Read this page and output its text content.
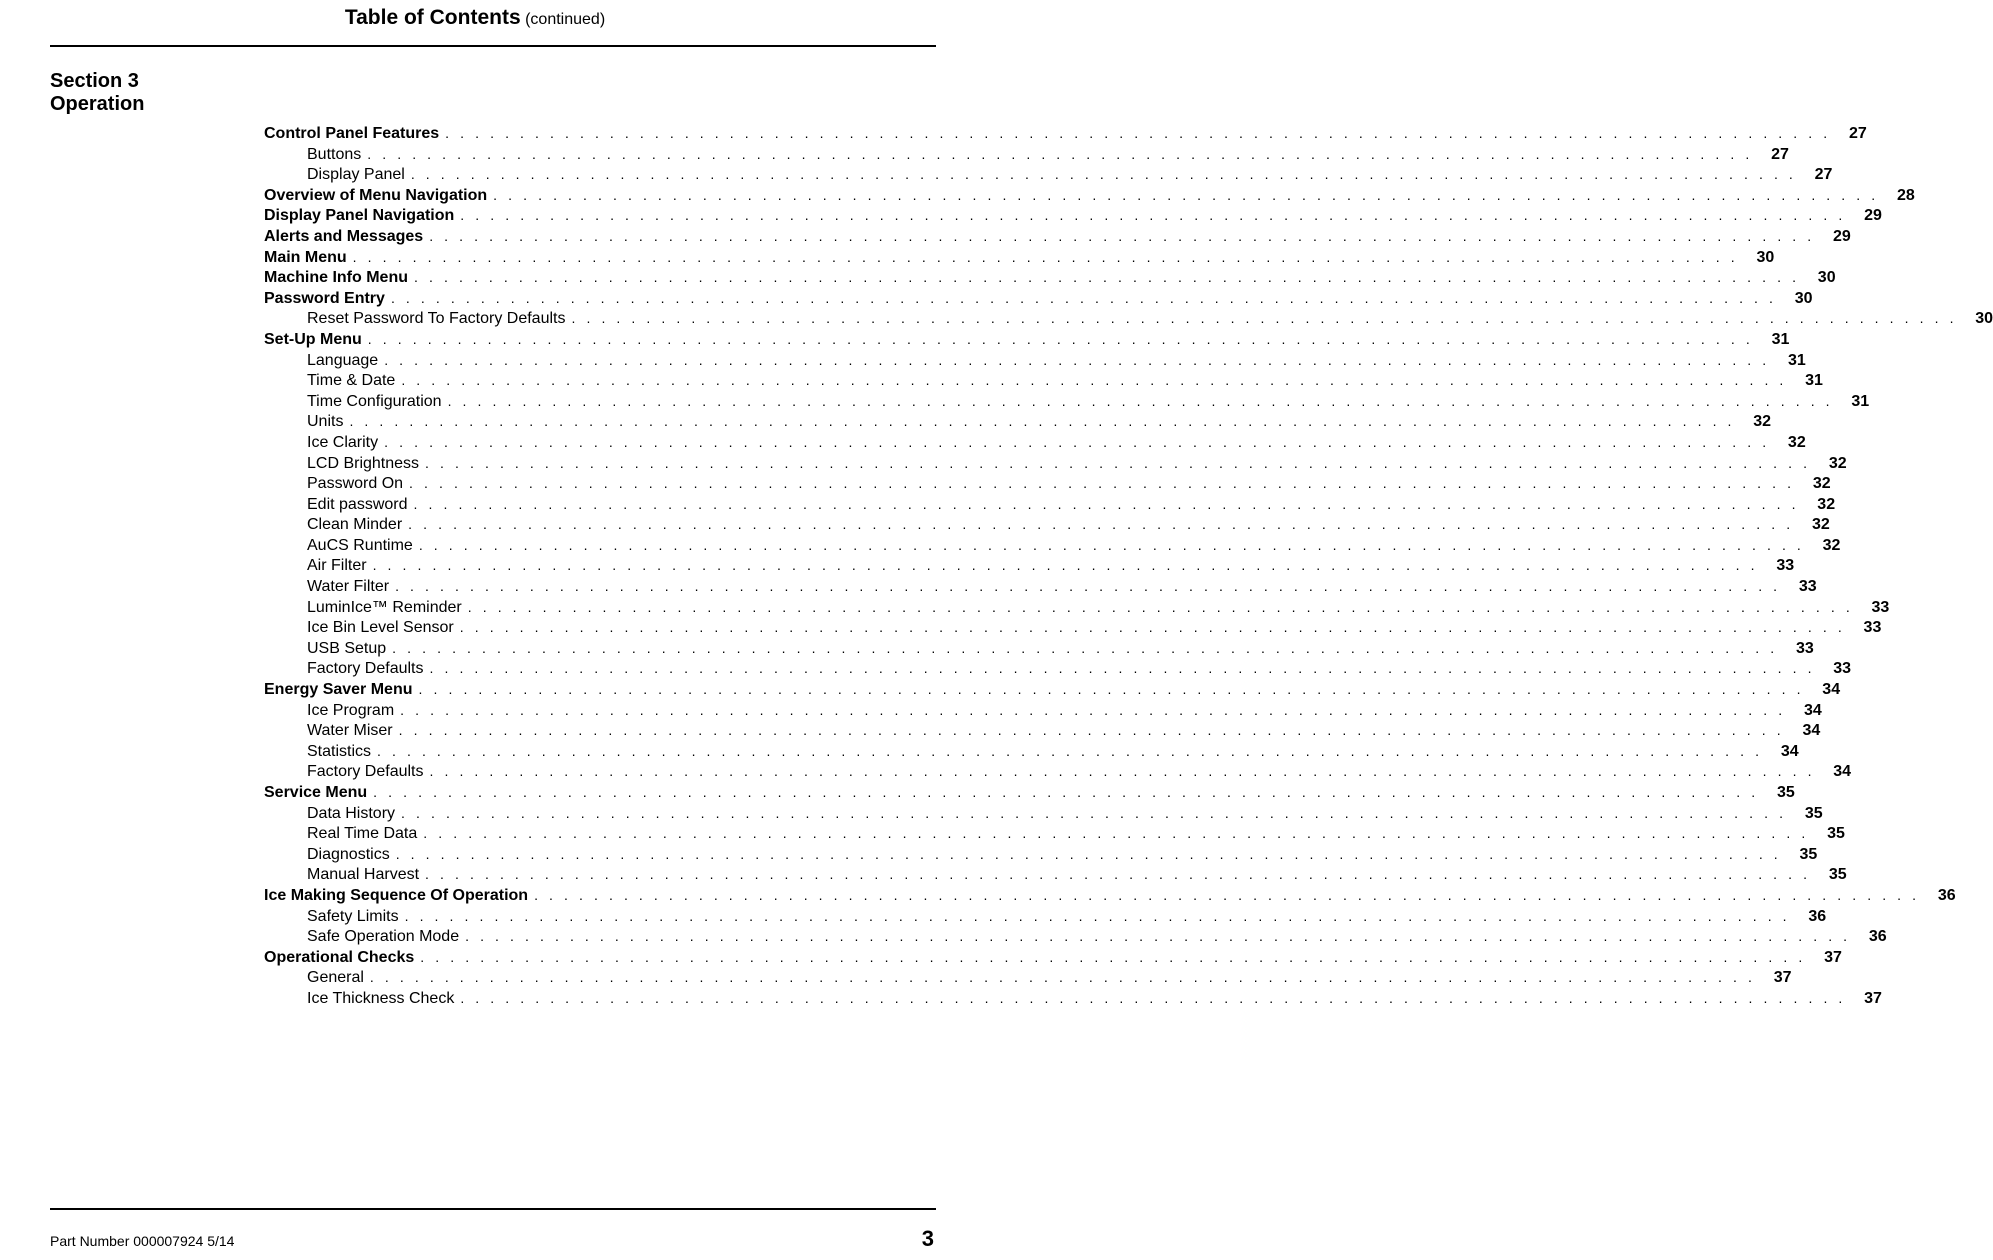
Table of Contents (continued)
Section 3
Operation
Control Panel Features . . . . . . . . . . . . . . . . . . . . . . . . . . . . . . . . . . . . . . . . . . . . . . . . . . . . . . . . . . . . . . . . . . . . . . . . . . . . . . . . . . . . . . . . . . . . .	27
Buttons . . . . . . . . . . . . . . . . . . . . . . . . . . . . . . . . . . . . . . . . . . . . . . . . . . . . . . . . . . . . . . . . . . . . . . . . . . . . . . . . . . . . . . . . . . . . .	27
Display Panel . . . . . . . . . . . . . . . . . . . . . . . . . . . . . . . . . . . . . . . . . . . . . . . . . . . . . . . . . . . . . . . . . . . . . . . . . . . . . . . . . . . . . . . . . . . . .	27
Overview of Menu Navigation . . . . . . . . . . . . . . . . . . . . . . . . . . . . . . . . . . . . . . . . . . . . . . . . . . . . . . . . . . . . . . . . . . . . . . . . . . . . . . . . . . . . . . . . . . . . .	28
Display Panel Navigation . . . . . . . . . . . . . . . . . . . . . . . . . . . . . . . . . . . . . . . . . . . . . . . . . . . . . . . . . . . . . . . . . . . . . . . . . . . . . . . . . . . . . . . . . . . . .	29
Alerts and Messages . . . . . . . . . . . . . . . . . . . . . . . . . . . . . . . . . . . . . . . . . . . . . . . . . . . . . . . . . . . . . . . . . . . . . . . . . . . . . . . . . . . . . . . . . . . . .	29
Main Menu . . . . . . . . . . . . . . . . . . . . . . . . . . . . . . . . . . . . . . . . . . . . . . . . . . . . . . . . . . . . . . . . . . . . . . . . . . . . . . . . . . . . . . . . . . . . .	30
Machine Info Menu . . . . . . . . . . . . . . . . . . . . . . . . . . . . . . . . . . . . . . . . . . . . . . . . . . . . . . . . . . . . . . . . . . . . . . . . . . . . . . . . . . . . . . . . . . . . .	30
Password Entry . . . . . . . . . . . . . . . . . . . . . . . . . . . . . . . . . . . . . . . . . . . . . . . . . . . . . . . . . . . . . . . . . . . . . . . . . . . . . . . . . . . . . . . . . . . . .	30
Reset Password To Factory Defaults . . . . . . . . . . . . . . . . . . . . . . . . . . . . . . . . . . . . . . . . . . . . . . . . . . . . . . . . . . . . . . . . . . . . . . . . . . . . . . . . . . . . . . . . . . . . .	30
Set-Up Menu . . . . . . . . . . . . . . . . . . . . . . . . . . . . . . . . . . . . . . . . . . . . . . . . . . . . . . . . . . . . . . . . . . . . . . . . . . . . . . . . . . . . . . . . . . . . .	31
Language . . . . . . . . . . . . . . . . . . . . . . . . . . . . . . . . . . . . . . . . . . . . . . . . . . . . . . . . . . . . . . . . . . . . . . . . . . . . . . . . . . . . . . . . . . . . .	31
Time & Date . . . . . . . . . . . . . . . . . . . . . . . . . . . . . . . . . . . . . . . . . . . . . . . . . . . . . . . . . . . . . . . . . . . . . . . . . . . . . . . . . . . . . . . . . . . . .	31
Time Configuration . . . . . . . . . . . . . . . . . . . . . . . . . . . . . . . . . . . . . . . . . . . . . . . . . . . . . . . . . . . . . . . . . . . . . . . . . . . . . . . . . . . . . . . . . . . . .	31
Units . . . . . . . . . . . . . . . . . . . . . . . . . . . . . . . . . . . . . . . . . . . . . . . . . . . . . . . . . . . . . . . . . . . . . . . . . . . . . . . . . . . . . . . . . . . . .	32
Ice Clarity . . . . . . . . . . . . . . . . . . . . . . . . . . . . . . . . . . . . . . . . . . . . . . . . . . . . . . . . . . . . . . . . . . . . . . . . . . . . . . . . . . . . . . . . . . . . .	32
LCD Brightness . . . . . . . . . . . . . . . . . . . . . . . . . . . . . . . . . . . . . . . . . . . . . . . . . . . . . . . . . . . . . . . . . . . . . . . . . . . . . . . . . . . . . . . . . . . . .	32
Password On . . . . . . . . . . . . . . . . . . . . . . . . . . . . . . . . . . . . . . . . . . . . . . . . . . . . . . . . . . . . . . . . . . . . . . . . . . . . . . . . . . . . . . . . . . . . .	32
Edit password . . . . . . . . . . . . . . . . . . . . . . . . . . . . . . . . . . . . . . . . . . . . . . . . . . . . . . . . . . . . . . . . . . . . . . . . . . . . . . . . . . . . . . . . . . . . .	32
Clean Minder . . . . . . . . . . . . . . . . . . . . . . . . . . . . . . . . . . . . . . . . . . . . . . . . . . . . . . . . . . . . . . . . . . . . . . . . . . . . . . . . . . . . . . . . . . . . .	32
AuCS Runtime . . . . . . . . . . . . . . . . . . . . . . . . . . . . . . . . . . . . . . . . . . . . . . . . . . . . . . . . . . . . . . . . . . . . . . . . . . . . . . . . . . . . . . . . . . . . .	32
Air Filter . . . . . . . . . . . . . . . . . . . . . . . . . . . . . . . . . . . . . . . . . . . . . . . . . . . . . . . . . . . . . . . . . . . . . . . . . . . . . . . . . . . . . . . . . . . . .	33
Water Filter . . . . . . . . . . . . . . . . . . . . . . . . . . . . . . . . . . . . . . . . . . . . . . . . . . . . . . . . . . . . . . . . . . . . . . . . . . . . . . . . . . . . . . . . . . . . .	33
LuminIce™ Reminder . . . . . . . . . . . . . . . . . . . . . . . . . . . . . . . . . . . . . . . . . . . . . . . . . . . . . . . . . . . . . . . . . . . . . . . . . . . . . . . . . . . . . . . . . . . . .	33
Ice Bin Level Sensor . . . . . . . . . . . . . . . . . . . . . . . . . . . . . . . . . . . . . . . . . . . . . . . . . . . . . . . . . . . . . . . . . . . . . . . . . . . . . . . . . . . . . . . . . . . . .	33
USB Setup . . . . . . . . . . . . . . . . . . . . . . . . . . . . . . . . . . . . . . . . . . . . . . . . . . . . . . . . . . . . . . . . . . . . . . . . . . . . . . . . . . . . . . . . . . . . .	33
Factory Defaults . . . . . . . . . . . . . . . . . . . . . . . . . . . . . . . . . . . . . . . . . . . . . . . . . . . . . . . . . . . . . . . . . . . . . . . . . . . . . . . . . . . . . . . . . . . . .	33
Energy Saver Menu . . . . . . . . . . . . . . . . . . . . . . . . . . . . . . . . . . . . . . . . . . . . . . . . . . . . . . . . . . . . . . . . . . . . . . . . . . . . . . . . . . . . . . . . . . . . .	34
Ice Program . . . . . . . . . . . . . . . . . . . . . . . . . . . . . . . . . . . . . . . . . . . . . . . . . . . . . . . . . . . . . . . . . . . . . . . . . . . . . . . . . . . . . . . . . . . . .	34
Water Miser . . . . . . . . . . . . . . . . . . . . . . . . . . . . . . . . . . . . . . . . . . . . . . . . . . . . . . . . . . . . . . . . . . . . . . . . . . . . . . . . . . . . . . . . . . . . .	34
Statistics . . . . . . . . . . . . . . . . . . . . . . . . . . . . . . . . . . . . . . . . . . . . . . . . . . . . . . . . . . . . . . . . . . . . . . . . . . . . . . . . . . . . . . . . . . . . .	34
Factory Defaults . . . . . . . . . . . . . . . . . . . . . . . . . . . . . . . . . . . . . . . . . . . . . . . . . . . . . . . . . . . . . . . . . . . . . . . . . . . . . . . . . . . . . . . . . . . . .	34
Service Menu . . . . . . . . . . . . . . . . . . . . . . . . . . . . . . . . . . . . . . . . . . . . . . . . . . . . . . . . . . . . . . . . . . . . . . . . . . . . . . . . . . . . . . . . . . . . .	35
Data History . . . . . . . . . . . . . . . . . . . . . . . . . . . . . . . . . . . . . . . . . . . . . . . . . . . . . . . . . . . . . . . . . . . . . . . . . . . . . . . . . . . . . . . . . . . . .	35
Real Time Data . . . . . . . . . . . . . . . . . . . . . . . . . . . . . . . . . . . . . . . . . . . . . . . . . . . . . . . . . . . . . . . . . . . . . . . . . . . . . . . . . . . . . . . . . . . . .	35
Diagnostics . . . . . . . . . . . . . . . . . . . . . . . . . . . . . . . . . . . . . . . . . . . . . . . . . . . . . . . . . . . . . . . . . . . . . . . . . . . . . . . . . . . . . . . . . . . . .	35
Manual Harvest . . . . . . . . . . . . . . . . . . . . . . . . . . . . . . . . . . . . . . . . . . . . . . . . . . . . . . . . . . . . . . . . . . . . . . . . . . . . . . . . . . . . . . . . . . . . .	35
Ice Making Sequence Of Operation . . . . . . . . . . . . . . . . . . . . . . . . . . . . . . . . . . . . . . . . . . . . . . . . . . . . . . . . . . . . . . . . . . . . . . . . . . . . . . . . . . . . . . . . . . . . .	36
Safety Limits . . . . . . . . . . . . . . . . . . . . . . . . . . . . . . . . . . . . . . . . . . . . . . . . . . . . . . . . . . . . . . . . . . . . . . . . . . . . . . . . . . . . . . . . . . . . .	36
Safe Operation Mode . . . . . . . . . . . . . . . . . . . . . . . . . . . . . . . . . . . . . . . . . . . . . . . . . . . . . . . . . . . . . . . . . . . . . . . . . . . . . . . . . . . . . . . . . . . . .	36
Operational Checks . . . . . . . . . . . . . . . . . . . . . . . . . . . . . . . . . . . . . . . . . . . . . . . . . . . . . . . . . . . . . . . . . . . . . . . . . . . . . . . . . . . . . . . . . . . . .	37
General . . . . . . . . . . . . . . . . . . . . . . . . . . . . . . . . . . . . . . . . . . . . . . . . . . . . . . . . . . . . . . . . . . . . . . . . . . . . . . . . . . . . . . . . . . . . .	37
Ice Thickness Check . . . . . . . . . . . . . . . . . . . . . . . . . . . . . . . . . . . . . . . . . . . . . . . . . . . . . . . . . . . . . . . . . . . . . . . . . . . . . . . . . . . . . . . . . . . . .	37
Part Number 000007924 5/14	3
